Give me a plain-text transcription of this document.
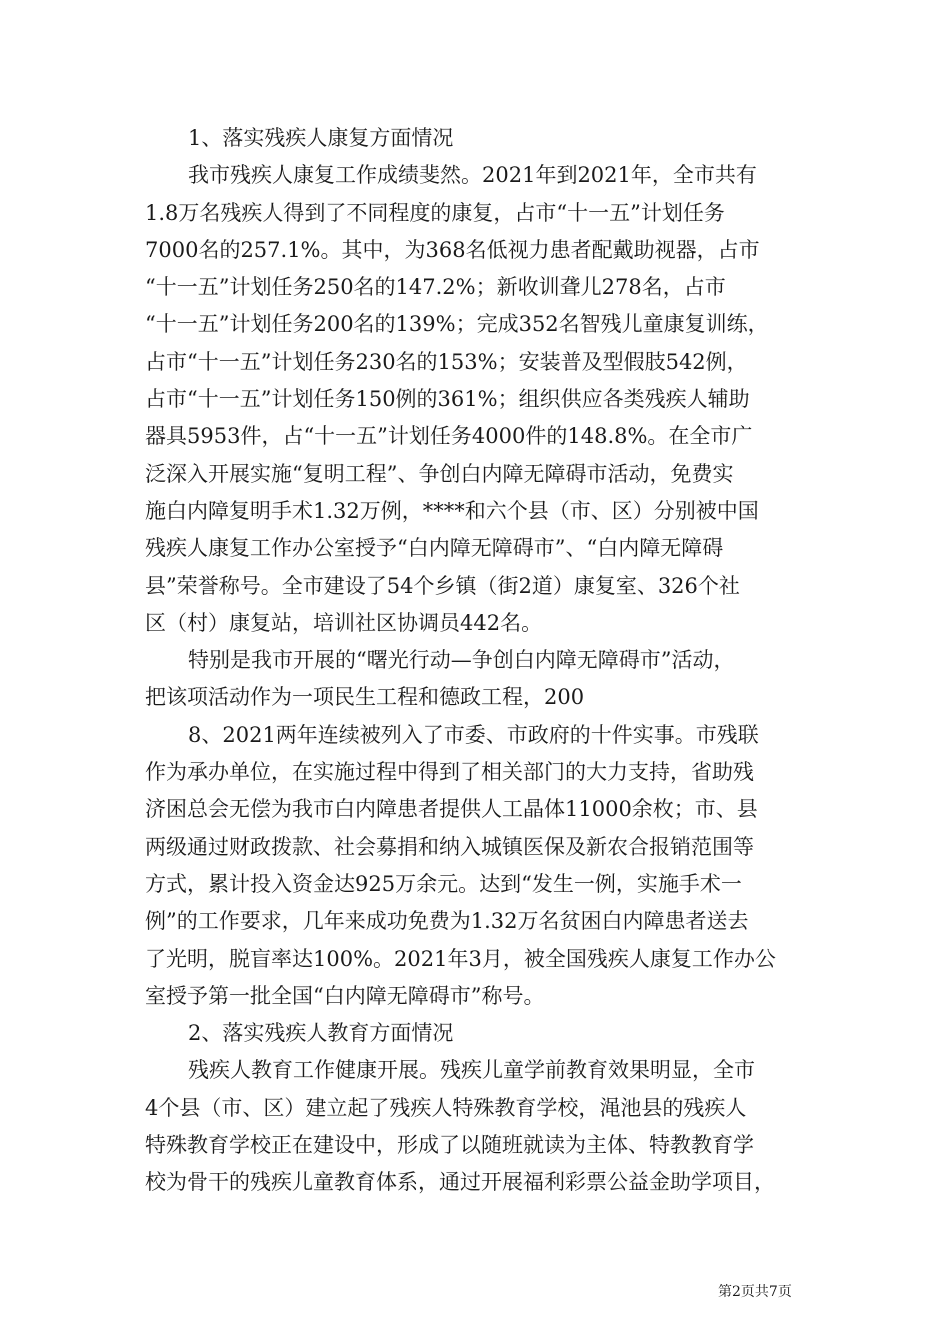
1、落实残疾人康复方面情况
我市残疾人康复工作成绩斐然。2021年到2021年，全市共有
1.8万名残疾人得到了不同程度的康复，占市“十一五”计划任务
7000名的257.1%。其中，为368名低视力患者配戴助视器，占市
“十一五”计划任务250名的147.2%；新收训聋儿278名，占市
“十一五”计划任务200名的139%；完成352名智残儿童康复训练，
占市“十一五”计划任务230名的153%；安装普及型假肢542例，
占市“十一五”计划任务150例的361%；组织供应各类残疾人辅助
器具5953件，占“十一五”计划任务4000件的148.8%。在全市广
泛深入开展实施“复明工程”、争创白内障无障碍市活动，免费实
施白内障复明手术1.32万例，****和六个县（市、区）分别被中国
残疾人康复工作办公室授予“白内障无障碍市”、“白内障无障碍
县”荣誉称号。全市建设了54个乡镇（街2道）康复室、326个社
区（村）康复站，培训社区协调员442名。
特别是我市开展的“曙光行动—争创白内障无障碍市”活动，
把该项活动作为一项民生工程和德政工程，200
8、2021两年连续被列入了市委、市政府的十件实事。市残联
作为承办单位，在实施过程中得到了相关部门的大力支持，省助残
济困总会无偿为我市白内障患者提供人工晶体11000余枚；市、县
两级通过财政拨款、社会募捐和纳入城镇医保及新农合报销范围等
方式，累计投入资金达925万余元。达到“发生一例，实施手术一
例”的工作要求，几年来成功免费为1.32万名贫困白内障患者送去
了光明，脱盲率达100%。2021年3月，被全国残疾人康复工作办公
室授予第一批全国“白内障无障碍市”称号。
2、落实残疾人教育方面情况
残疾人教育工作健康开展。残疾儿童学前教育效果明显，全市
4个县（市、区）建立起了残疾人特殊教育学校，渑池县的残疾人
特殊教育学校正在建设中，形成了以随班就读为主体、特教教育学
校为骨干的残疾儿童教育体系，通过开展福利彩票公益金助学项目，
第2页共7页
